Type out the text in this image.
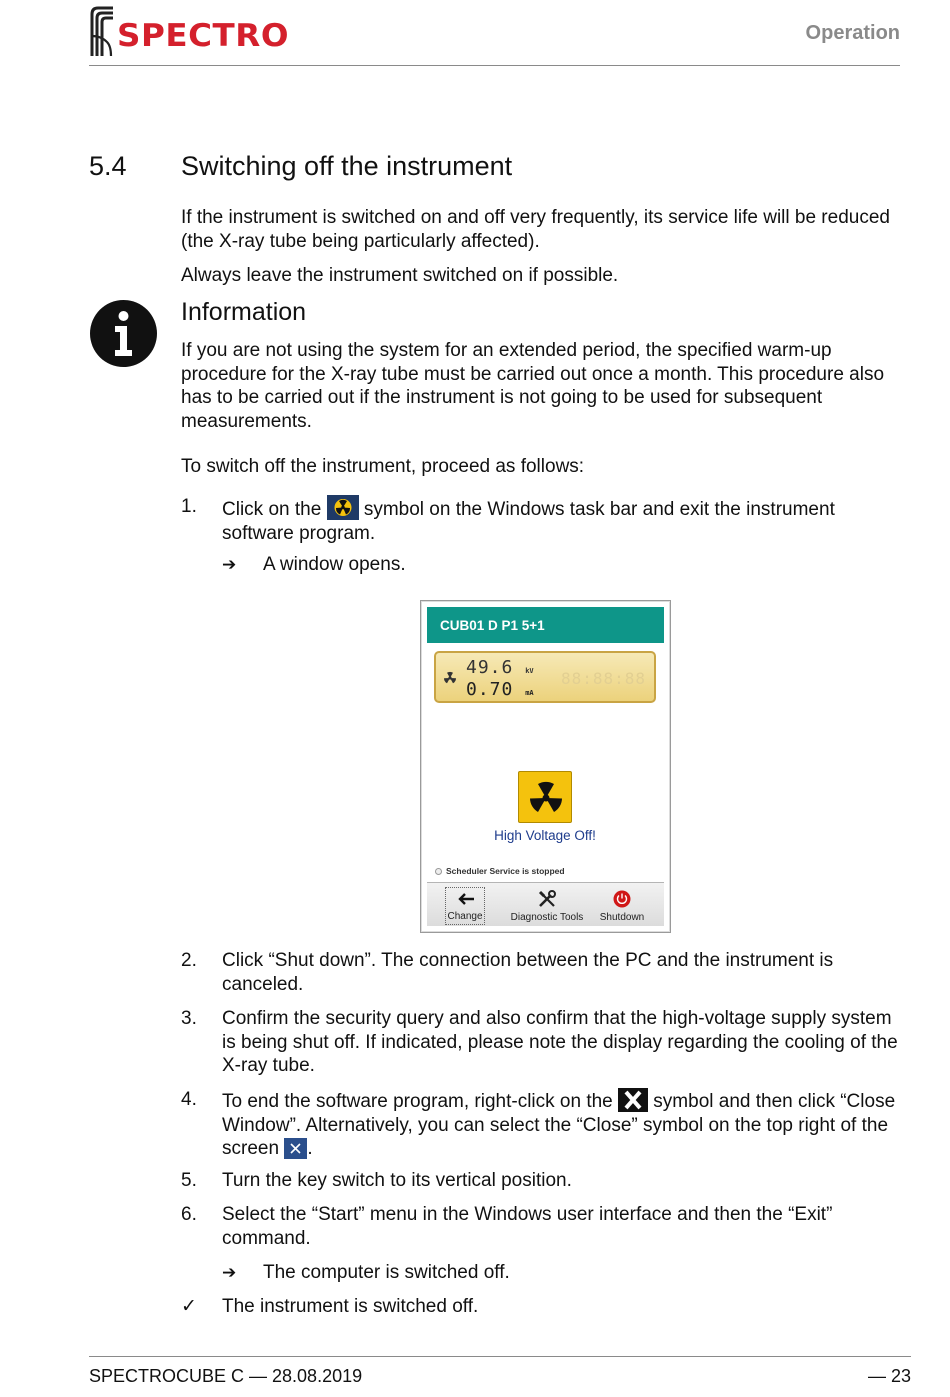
SPECTRO	Operation
5.4 Switching off the instrument

If the instrument is switched on and off very frequently, its service life will be reduced (the X-ray tube being particularly affected).

Always leave the instrument switched on if possible.

Information

If you are not using the system for an extended period, the specified warm-up procedure for the X-ray tube must be carried out once a month. This procedure also has to be carried out if the instrument is not going to be used for subsequent measurements.

To switch off the instrument, proceed as follows:

1. Click on the  symbol on the Windows task bar and exit the instrument software program.
➔ A window opens.
CUB01 D P1 5+1
49.6 kV
0.70 mA
88:88:88
High Voltage Off!
Scheduler Service is stopped
Change	Diagnostic Tools	Shutdown
2. Click “Shut down”. The connection between the PC and the instrument is canceled.

3. Confirm the security query and also confirm that the high-voltage supply system is being shut off. If indicated, please note the display regarding the cooling of the X-ray tube.

4. To end the software program, right-click on the  symbol and then click “Close Window”. Alternatively, you can select the “Close” symbol on the top right of the screen .
5. Turn the key switch to its vertical position.

6. Select the “Start” menu in the Windows user interface and then the “Exit” command.

➔ The computer is switched off.
✓ The instrument is switched off.
SPECTROCUBE C — 28.08.2019	— 23
